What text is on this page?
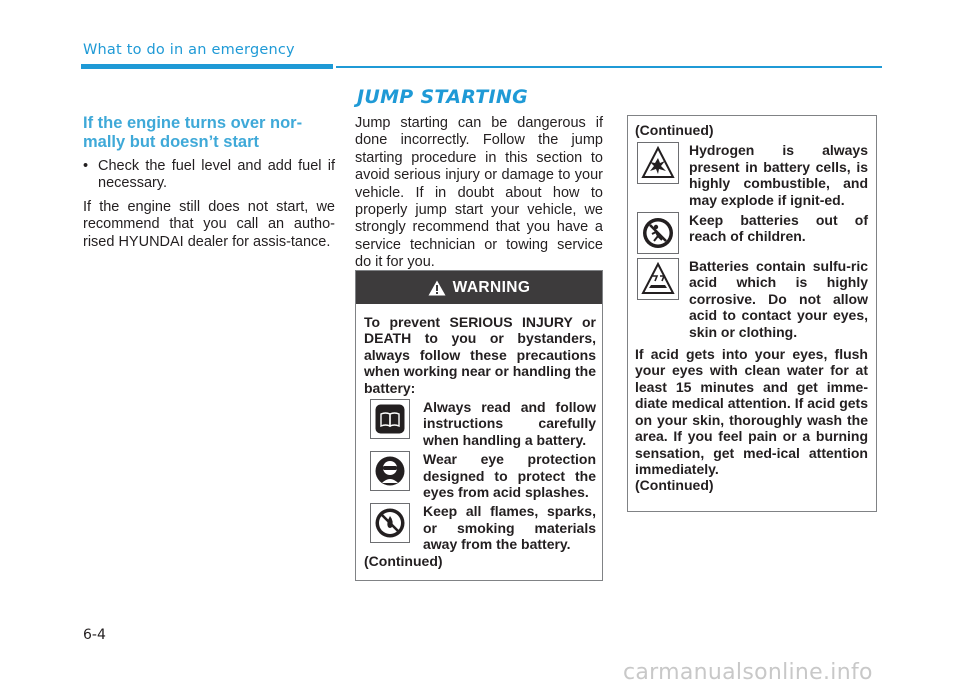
What to do in an emergency
If the engine turns over nor-mally but doesn’t start

• Check the fuel level and add fuel if necessary.

If the engine still does not start, we recommend that you call an autho-rised HYUNDAI dealer for assis-tance.

JUMP STARTING

Jump starting can be dangerous if done incorrectly. Follow the jump starting procedure in this section to avoid serious injury or damage to your vehicle. If in doubt about how to properly jump start your vehicle, we strongly recommend that you have a service technician or towing service do it for you.

WARNING

To prevent SERIOUS INJURY or DEATH to you or bystanders, always follow these precautions when working near or handling the battery:

Always read and follow instructions carefully when handling a battery.
Wear eye protection designed to protect the eyes from acid splashes.
Keep all flames, sparks, or smoking materials away from the battery.

(Continued)

(Continued)

Hydrogen is always present in battery cells, is highly combustible, and may explode if ignit-ed.
Keep batteries out of reach of children.
Batteries contain sulfu-ric acid which is highly corrosive. Do not allow acid to contact your eyes, skin or clothing.

If acid gets into your eyes, flush your eyes with clean water for at least 15 minutes and get imme-diate medical attention. If acid gets on your skin, thoroughly wash the area. If you feel pain or a burning sensation, get med-ical attention immediately.

(Continued)

6-4
carmanualsonline.info
